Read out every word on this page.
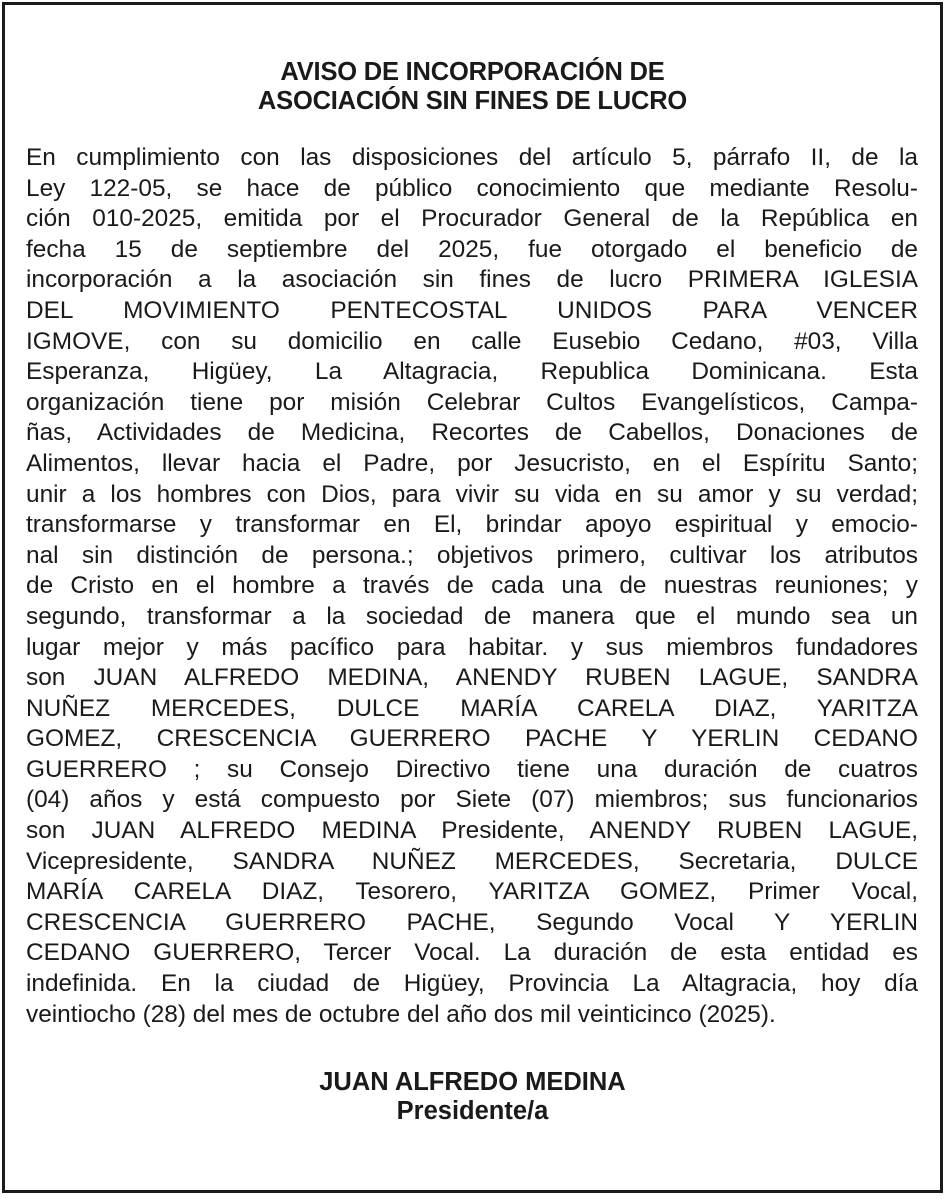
AVISO DE INCORPORACIÓN DE
ASOCIACIÓN SIN FINES DE LUCRO
En cumplimiento con las disposiciones del artículo 5, párrafo II, de la
Ley 122-05, se hace de público conocimiento que mediante Resolu-
ción 010-2025, emitida por el Procurador General de la República en
fecha 15 de septiembre del 2025, fue otorgado el beneficio de
incorporación a la asociación sin fines de lucro PRIMERA IGLESIA
DEL MOVIMIENTO PENTECOSTAL UNIDOS PARA VENCER
IGMOVE, con su domicilio en calle Eusebio Cedano, #03, Villa
Esperanza, Higüey, La Altagracia, Republica Dominicana. Esta
organización tiene por misión Celebrar Cultos Evangelísticos, Campa-
ñas, Actividades de Medicina, Recortes de Cabellos, Donaciones de
Alimentos, llevar hacia el Padre, por Jesucristo, en el Espíritu Santo;
unir a los hombres con Dios, para vivir su vida en su amor y su verdad;
transformarse y transformar en El, brindar apoyo espiritual y emocio-
nal sin distinción de persona.; objetivos primero, cultivar los atributos
de Cristo en el hombre a través de cada una de nuestras reuniones; y
segundo, transformar a la sociedad de manera que el mundo sea un
lugar mejor y más pacífico para habitar. y sus miembros fundadores
son JUAN ALFREDO MEDINA, ANENDY RUBEN LAGUE, SANDRA
NUÑEZ MERCEDES, DULCE MARÍA CARELA DIAZ, YARITZA
GOMEZ, CRESCENCIA GUERRERO PACHE Y YERLIN CEDANO
GUERRERO ; su Consejo Directivo tiene una duración de cuatros
(04) años y está compuesto por Siete (07) miembros; sus funcionarios
son JUAN ALFREDO MEDINA Presidente, ANENDY RUBEN LAGUE,
Vicepresidente, SANDRA NUÑEZ MERCEDES, Secretaria, DULCE
MARÍA CARELA DIAZ, Tesorero, YARITZA GOMEZ, Primer Vocal,
CRESCENCIA GUERRERO PACHE, Segundo Vocal Y YERLIN
CEDANO GUERRERO, Tercer Vocal. La duración de esta entidad es
indefinida. En la ciudad de Higüey, Provincia La Altagracia, hoy día
veintiocho (28) del mes de octubre del año dos mil veinticinco (2025).
JUAN ALFREDO MEDINA
Presidente/a
